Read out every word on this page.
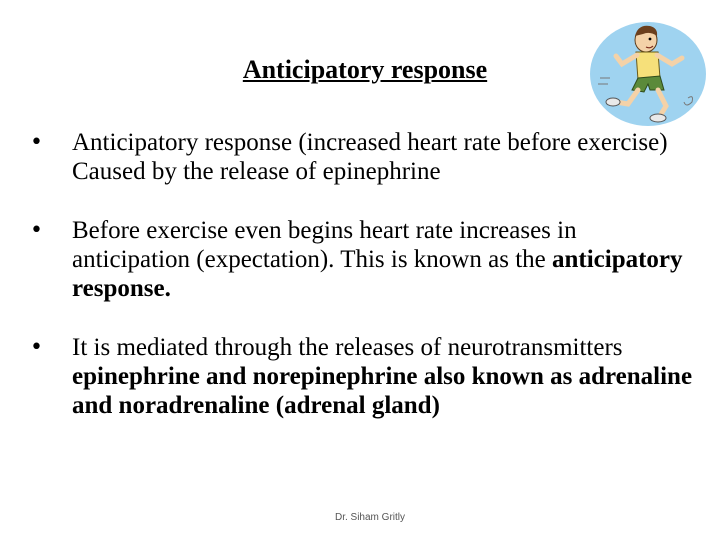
Anticipatory response
• Anticipatory response (increased heart rate before exercise) Caused by the release of epinephrine
• Before exercise even begins heart rate increases in anticipation (expectation). This is known as the anticipatory response.
• It is mediated through the releases of neurotransmitters epinephrine and norepinephrine also known as adrenaline and noradrenaline (adrenal gland)
Dr. Siham Gritly
